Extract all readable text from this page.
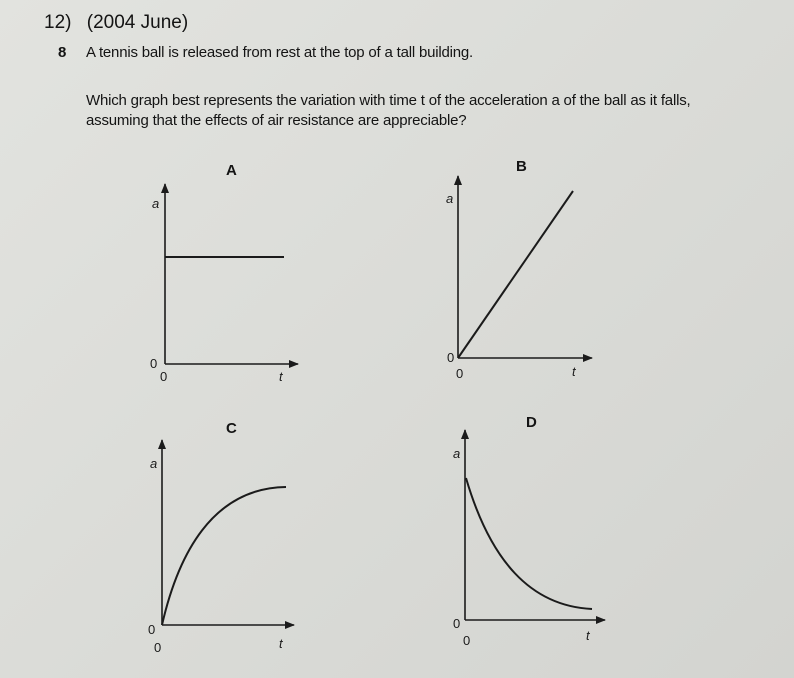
12) (2004 June)
8 A tennis ball is released from rest at the top of a tall building.
Which graph best represents the variation with time t of the acceleration a of the ball as it falls,
assuming that the effects of air resistance are appreciable?
A	B
C	D
a
0
0	t
a
0
0	t
a
0
0	t
a
0
0	t
